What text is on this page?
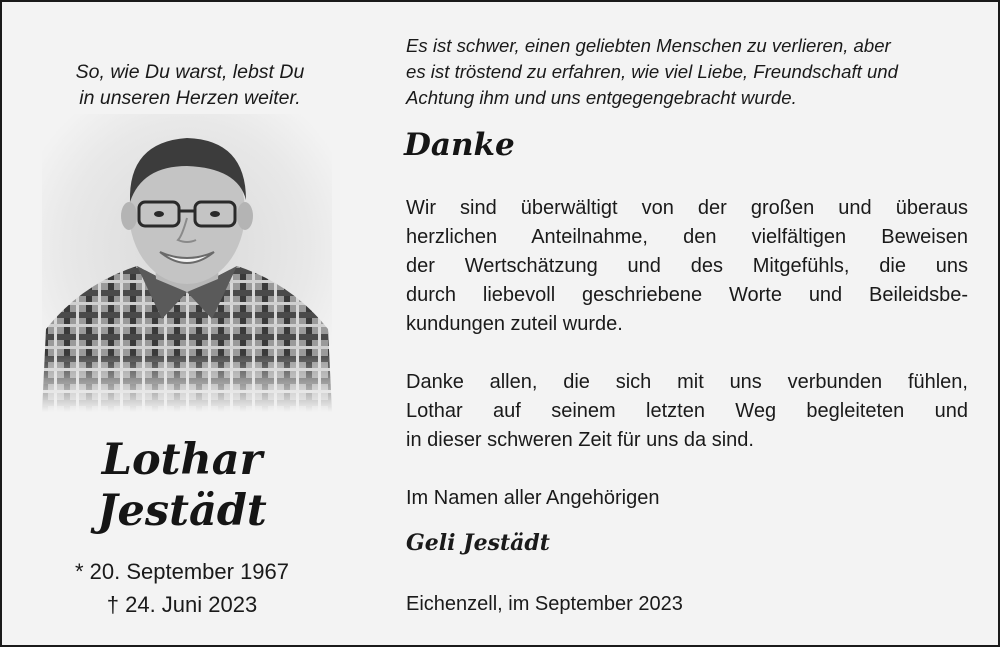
So, wie Du warst, lebst Du
in unseren Herzen weiter.
Lothar
Jestädt
* 20. September 1967
† 24. Juni 2023
Es ist schwer, einen geliebten Menschen zu verlieren, aber
es ist tröstend zu erfahren, wie viel Liebe, Freundschaft und
Achtung ihm und uns entgegengebracht wurde.
Danke
Wir sind überwältigt von der großen und überaus
herzlichen Anteilnahme, den vielfältigen Beweisen
der Wertschätzung und des Mitgefühls, die uns
durch liebevoll geschriebene Worte und Beileidsbe-
kundungen zuteil wurde.
Danke allen, die sich mit uns verbunden fühlen,
Lothar auf seinem letzten Weg begleiteten und
in dieser schweren Zeit für uns da sind.
Im Namen aller Angehörigen
Geli Jestädt
Eichenzell, im September 2023
